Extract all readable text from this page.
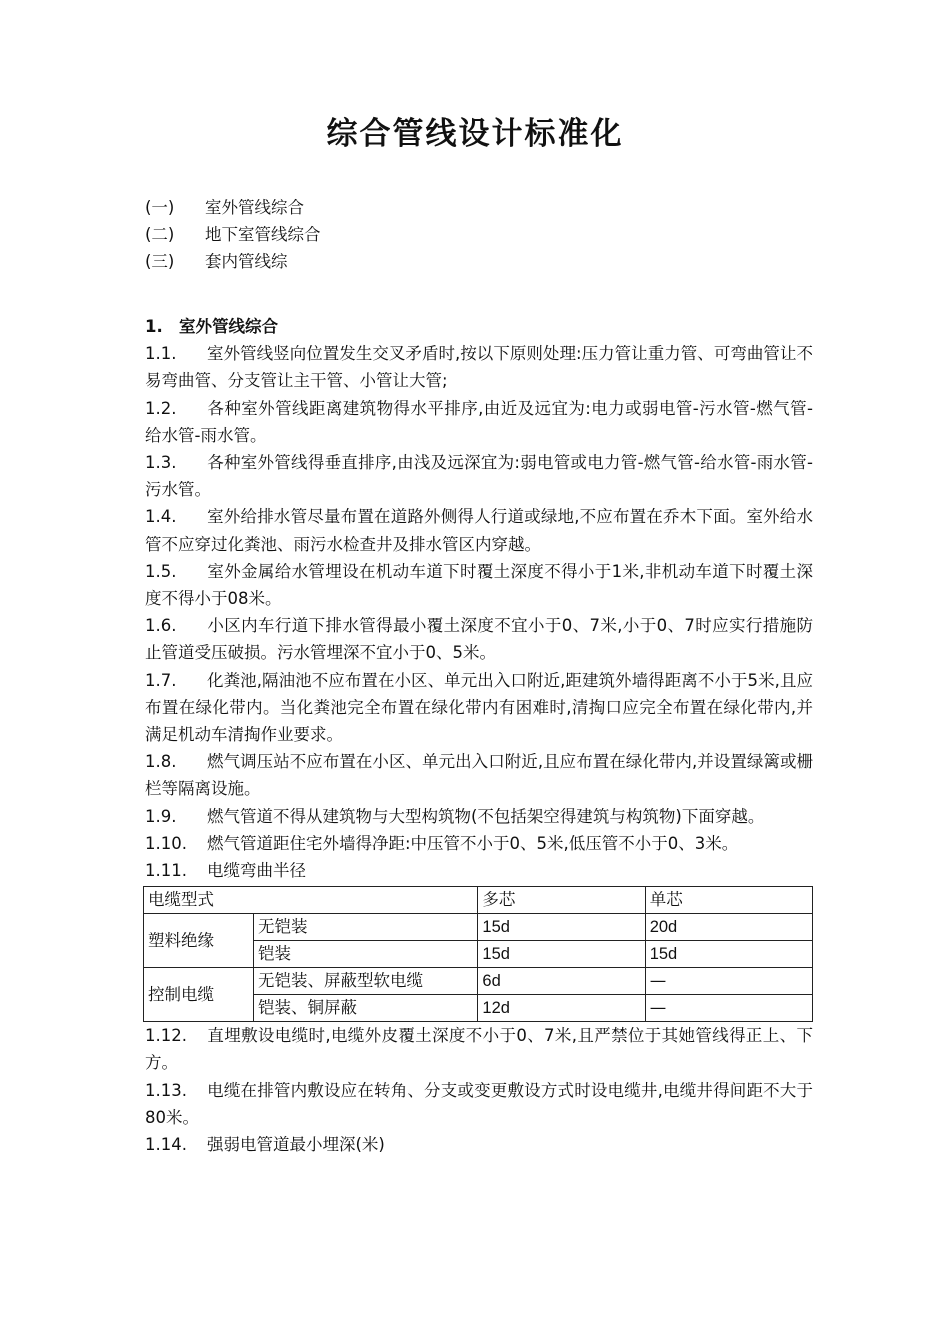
综合管线设计标准化
(一)	室外管线综合
(二)	地下室管线综合
(三)	套内管线综
1. 室外管线综合
1.1. 室外管线竖向位置发生交叉矛盾时,按以下原则处理:压力管让重力管、可弯曲管让不易弯曲管、分支管让主干管、小管让大管;
1.2. 各种室外管线距离建筑物得水平排序,由近及远宜为:电力或弱电管-污水管-燃气管-给水管-雨水管。
1.3. 各种室外管线得垂直排序,由浅及远深宜为:弱电管或电力管-燃气管-给水管-雨水管-污水管。
1.4. 室外给排水管尽量布置在道路外侧得人行道或绿地,不应布置在乔木下面。室外给水管不应穿过化粪池、雨污水检查井及排水管区内穿越。
1.5. 室外金属给水管埋设在机动车道下时覆土深度不得小于1米,非机动车道下时覆土深度不得小于08米。
1.6. 小区内车行道下排水管得最小覆土深度不宜小于0、7米,小于0、7时应实行措施防止管道受压破损。污水管埋深不宜小于0、5米。
1.7. 化粪池,隔油池不应布置在小区、单元出入口附近,距建筑外墙得距离不小于5米,且应布置在绿化带内。当化粪池完全布置在绿化带内有困难时,清掏口应完全布置在绿化带内,并满足机动车清掏作业要求。
1.8. 燃气调压站不应布置在小区、单元出入口附近,且应布置在绿化带内,并设置绿篱或栅栏等隔离设施。
1.9. 燃气管道不得从建筑物与大型构筑物(不包括架空得建筑与构筑物)下面穿越。
1.10. 燃气管道距住宅外墙得净距:中压管不小于0、5米,低压管不小于0、3米。
1.11. 电缆弯曲半径
电缆型式		多芯	单芯
塑料绝缘	无铠装	15d	20d
	铠装	15d	15d
控制电缆	无铠装、屏蔽型软电缆	6d	—
	铠装、铜屏蔽	12d	—
1.12. 直埋敷设电缆时,电缆外皮覆土深度不小于0、7米,且严禁位于其她管线得正上、下方。
1.13. 电缆在排管内敷设应在转角、分支或变更敷设方式时设电缆井,电缆井得间距不大于80米。
1.14. 强弱电管道最小埋深(米)
